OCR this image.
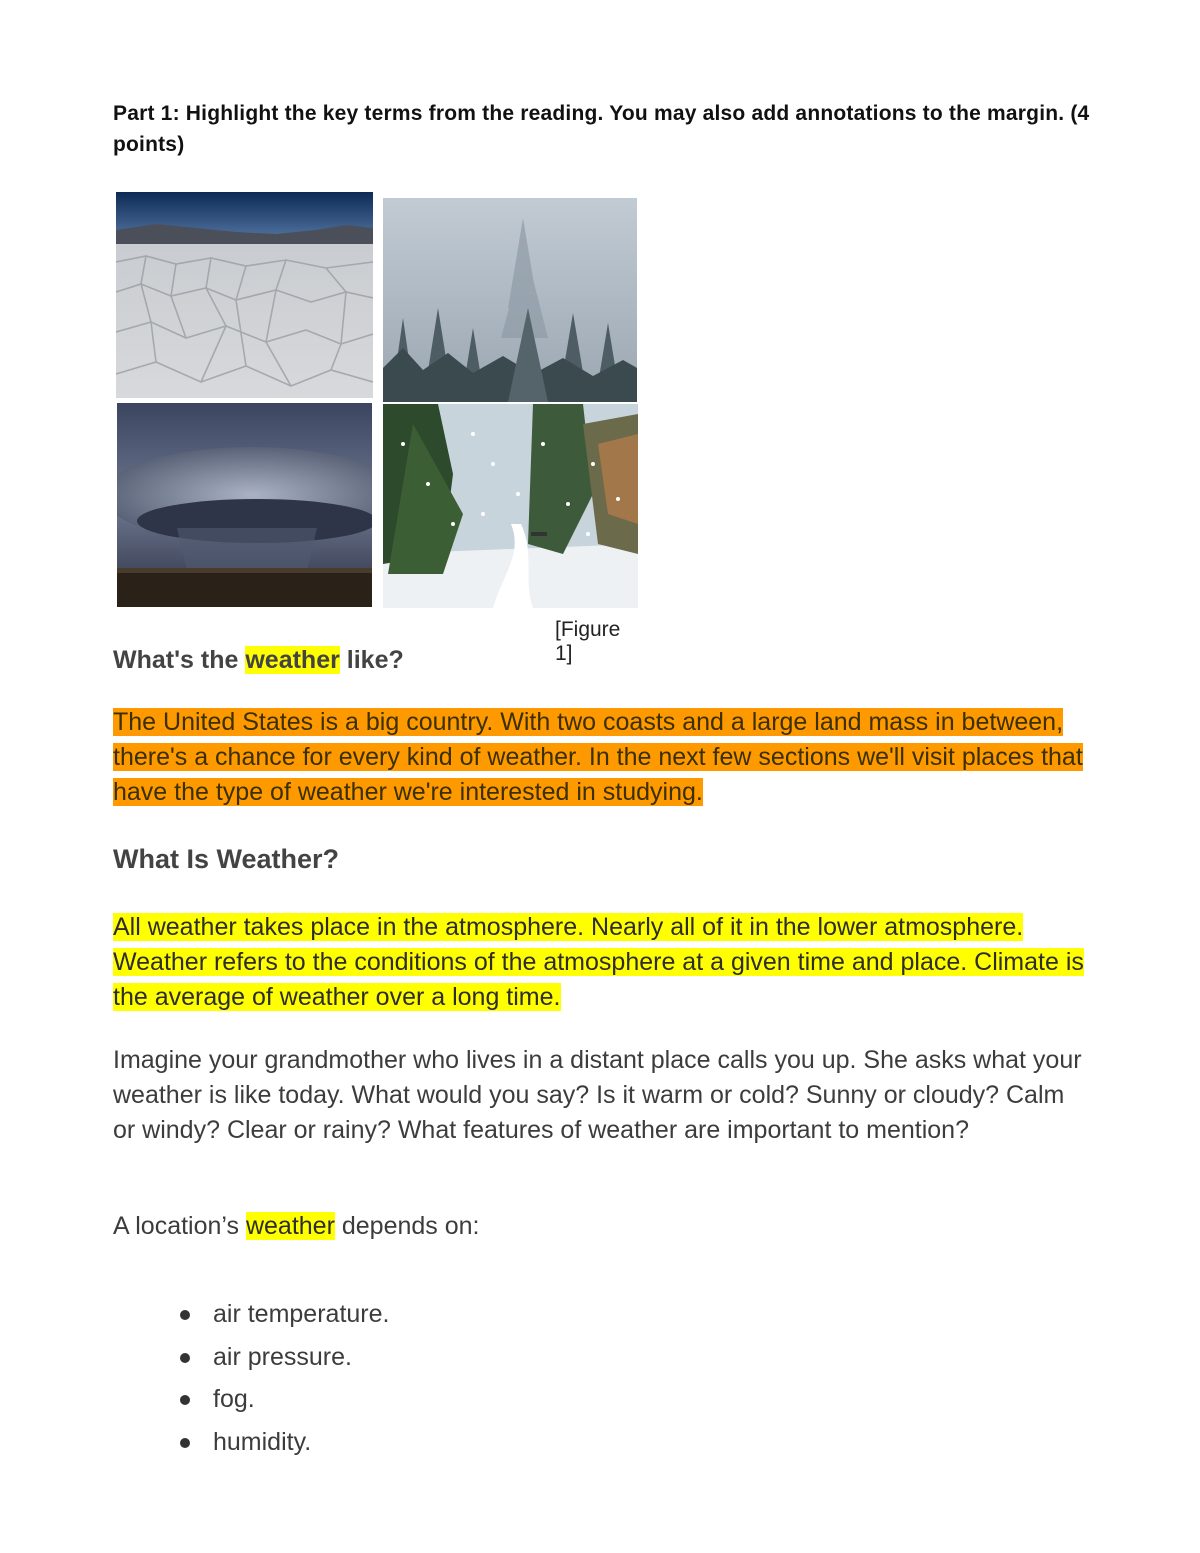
Part 1: Highlight the key terms from the reading. You may also add annotations to the margin. (4 points)

[Figure 1]

What's the weather like?

The United States is a big country. With two coasts and a large land mass in between, there's a chance for every kind of weather. In the next few sections we'll visit places that have the type of weather we're interested in studying.

What Is Weather?

All weather takes place in the atmosphere. Nearly all of it in the lower atmosphere. Weather refers to the conditions of the atmosphere at a given time and place. Climate is the average of weather over a long time.

Imagine your grandmother who lives in a distant place calls you up. She asks what your weather is like today. What would you say? Is it warm or cold? Sunny or cloudy? Calm or windy? Clear or rainy? What features of weather are important to mention?

A location’s weather depends on:

air temperature.
air pressure.
fog.
humidity.
